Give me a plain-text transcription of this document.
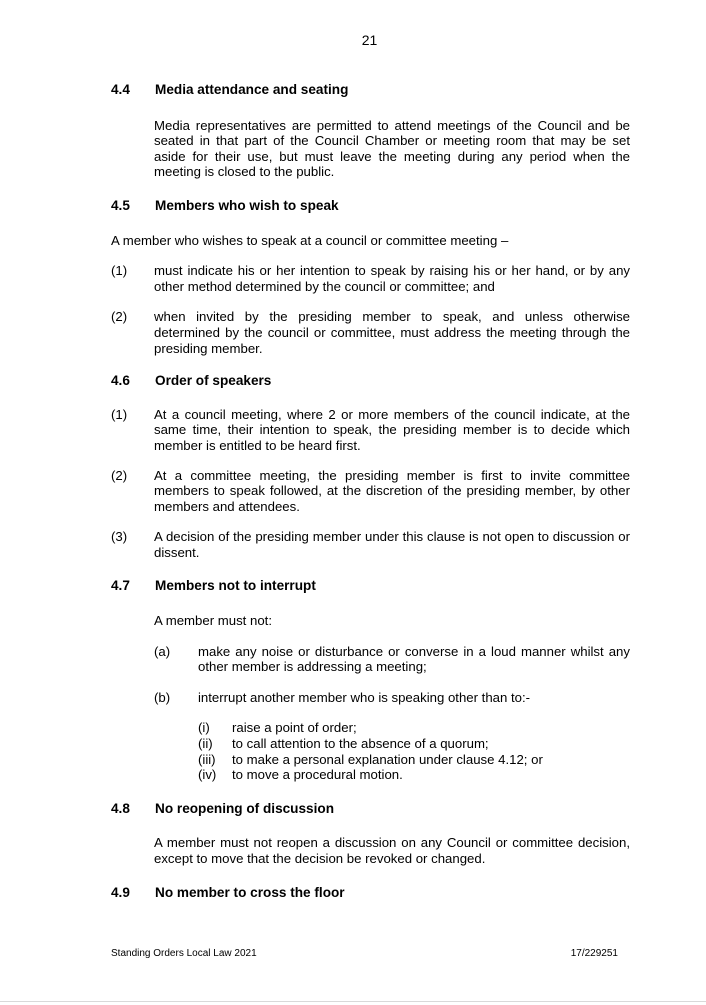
21
4.4	Media attendance and seating

Media representatives are permitted to attend meetings of the Council and be seated in that part of the Council Chamber or meeting room that may be set aside for their use, but must leave the meeting during any period when the meeting is closed to the public.

4.5	Members who wish to speak

A member who wishes to speak at a council or committee meeting –

(1)	must indicate his or her intention to speak by raising his or her hand, or by any other method determined by the council or committee; and
(2)	when invited by the presiding member to speak, and unless otherwise determined by the council or committee, must address the meeting through the presiding member.
4.6	Order of speakers
(1)	At a council meeting, where 2 or more members of the council indicate, at the same time, their intention to speak, the presiding member is to decide which member is entitled to be heard first.
(2)	At a committee meeting, the presiding member is first to invite committee members to speak followed, at the discretion of the presiding member, by other members and attendees.
(3)	A decision of the presiding member under this clause is not open to discussion or dissent.
4.7	Members not to interrupt

A member must not:

(a)	make any noise or disturbance or converse in a loud manner whilst any other member is addressing a meeting;
(b)	interrupt another member who is speaking other than to:-
(i)	raise a point of order;
(ii)	to call attention to the absence of a quorum;
(iii)	to make a personal explanation under clause 4.12; or
(iv)	to move a procedural motion.
4.8	No reopening of discussion

A member must not reopen a discussion on any Council or committee decision, except to move that the decision be revoked or changed.

4.9	No member to cross the floor
Standing Orders Local Law 2021	17/229251
